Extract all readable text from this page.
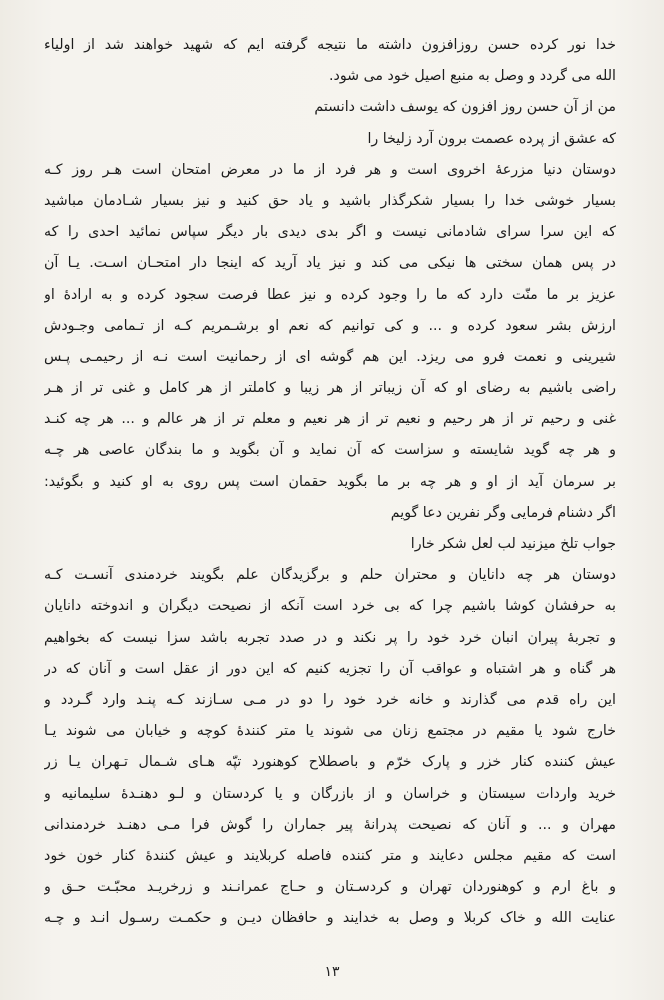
خدا نور کرده حسن روزافزون داشته ما نتیجه گرفته ایم که شهید خواهند شد از اولیاء
الله می گردد و وصل به منبع اصیل خود می شود.
من از آن حسن روز افزون که یوسف داشت دانستم
که عشق از پرده عصمت برون آرد زلیخا را
دوستان دنیا مزرعهٔ اخروی است و هر فرد از ما در معرض امتحان است هـر روز کـه
بسیار خوشی خدا را بسیار شکرگذار باشید و یاد حق کنید و نیز بسیار شـادمان مباشید
که این سرا سرای شادمانی نیست و اگر بدی دیدی بار دیگر سپاس نمائید احدی را که
در پس همان سختی ها نیکی می کند و نیز یاد آرید که اینجا دار امتحـان اسـت. یـا آن
عزیز بر ما منّت دارد که ما را وجود کرده و نیز عطا فرصت سجود کرده و به ارادهٔ او
ارزش بشر سعود کرده و ... و کی توانیم که نعم او برشـمریم کـه از تـمامی وجـودش
شیرینی و نعمت فرو می ریزد. این هم گوشه ای از رحمانیت است نـه از رحیمـی پـس
راضی باشیم به رضای او که آن زیباتر از هر زیبا و کاملتر از هر کامل و غنی تر از هـر
غنی و رحیم تر از هر رحیم و نعیم تر از هر نعیم و معلم تر از هر عالم و ... هر چه کنـد
و هر چه گوید شایسته و سزاست که آن نماید و آن بگوید و ما بندگان عاصی هر چـه
بر سرمان آید از او و هر چه بر ما بگوید حقمان است پس روی به او کنید و بگوئید:
اگر دشنام فرمایی وگر نفرین دعا گویم
جواب تلخ میزنید لب لعل شکر خارا
دوستان هر چه دانایان و محتران حلم و برگزیدگان علم بگویند خردمندی آنسـت کـه
به حرفشان کوشا باشیم چرا که بی خرد است آنکه از نصیحت دیگران و اندوخته دانایان
و تجربهٔ پیران انبان خرد خود را پر نکند و در صدد تجربه باشد سزا نیست که بخواهیم
هر گناه و هر اشتباه و عواقب آن را تجزیه کنیم که این دور از عقل است و آنان که در
این راه قدم می گذارند و خانه خرد خود را دو در مـی سـازند کـه پنـد وارد گـردد و
خارج شود یا مقیم در مجتمع زنان می شوند یا متر کنندهٔ کوچه و خیابان می شوند یـا
عیش کننده کنار خزر و پارک خرّم و باصطلاح کوهنورد تپّه هـای شـمال تـهران یـا زر
خرید واردات سیستان و خراسان و از بازرگان و یا کردستان و لـو دهنـدهٔ سلیمانیه و
مهران و ... و آنان که نصیحت پدرانهٔ پیر جماران را گوش فرا مـی دهنـد خردمندانی
است که مقیم مجلس دعایند و متر کننده فاصله کربلایند و عیش کنندهٔ کنار خون خود
و باغ ارم و کوهنوردان تهران و کردسـتان و حـاج عمرانـند و زرخریـد محبّـت حـق و
عنایت الله و خاک کربلا و وصل به خدایند و حافظان دیـن و حکمـت رسـول انـد و چـه
۱۳
